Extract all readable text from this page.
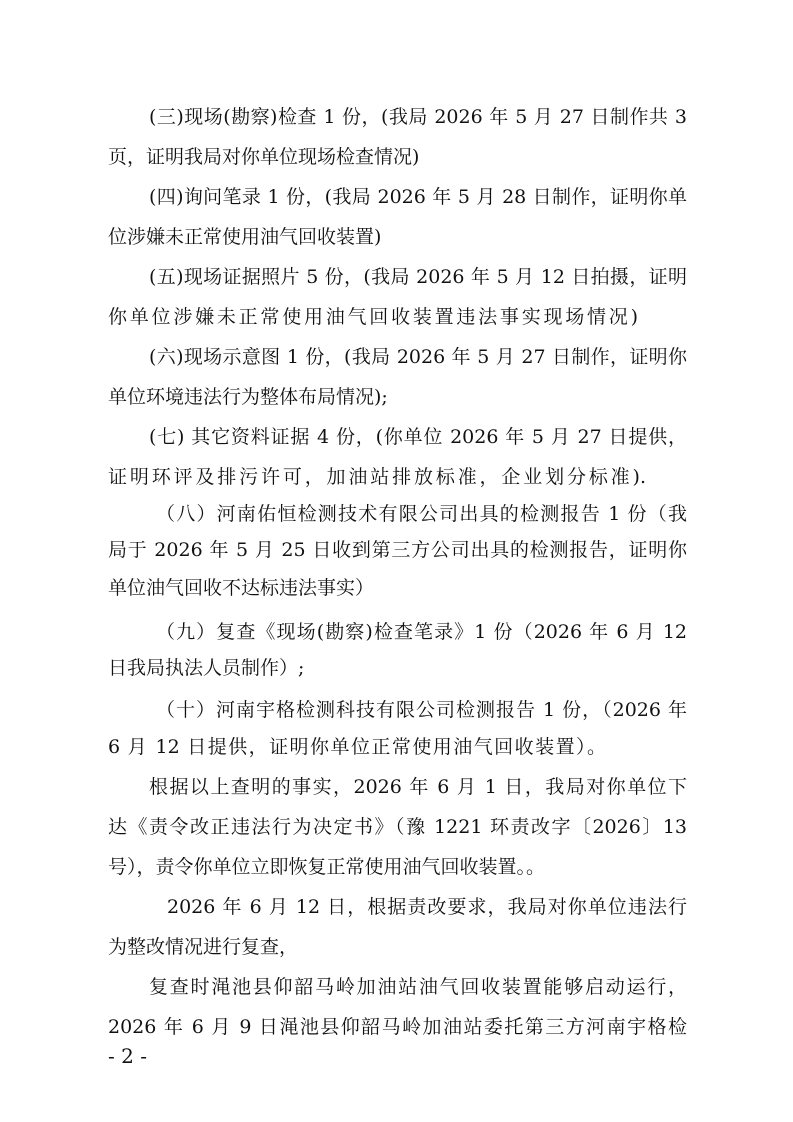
(三)现场(勘察)检查 1 份，(我局 2026 年 5 月 27 日制作共 3
页，证明我局对你单位现场检查情况)
(四)询问笔录 1 份，(我局 2026 年 5 月 28 日制作，证明你单
位涉嫌未正常使用油气回收装置)
(五)现场证据照片 5 份，(我局 2026 年 5 月 12 日拍摄，证明
你单位涉嫌未正常使用油气回收装置违法事实现场情况)
(六)现场示意图 1 份，(我局 2026 年 5 月 27 日制作，证明你
单位环境违法行为整体布局情况);
(七) 其它资料证据 4 份，(你单位 2026 年 5 月 27 日提供，
证明环评及排污许可，加油站排放标准，企业划分标准).
（八）河南佑恒检测技术有限公司出具的检测报告 1 份（我
局于 2026 年 5 月 25 日收到第三方公司出具的检测报告，证明你
单位油气回收不达标违法事实）
（九）复查《现场(勘察)检查笔录》1 份（2026 年 6 月 12
日我局执法人员制作）;
（十）河南宇格检测科技有限公司检测报告 1 份，（2026 年
6 月 12 日提供，证明你单位正常使用油气回收装置）。
根据以上查明的事实，2026 年 6 月 1 日，我局对你单位下
达《责令改正违法行为决定书》（豫 1221 环责改字〔2026〕13
号），责令你单位立即恢复正常使用油气回收装置。。
2026 年 6 月 12 日，根据责改要求，我局对你单位违法行
为整改情况进行复查，
复查时渑池县仰韶马岭加油站油气回收装置能够启动运行，
2026 年 6 月 9 日渑池县仰韶马岭加油站委托第三方河南宇格检
- 2 -
